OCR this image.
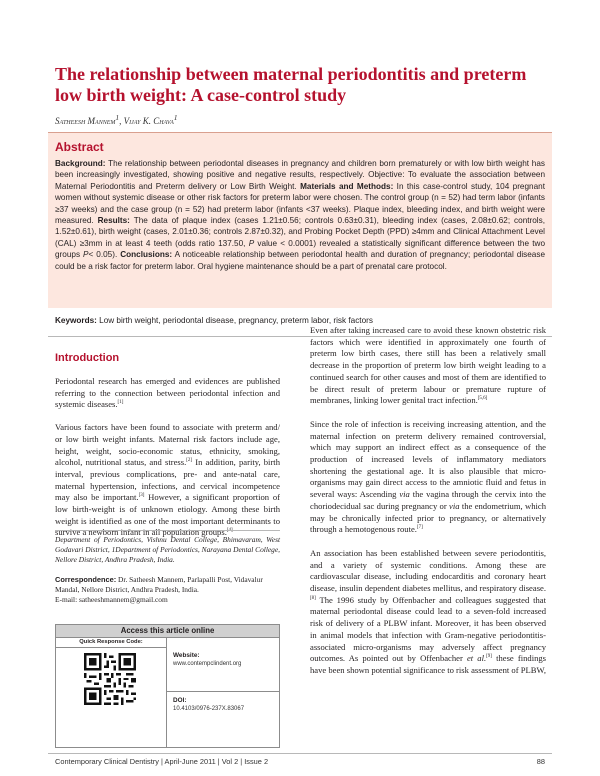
The relationship between maternal periodontitis and preterm low birth weight: A case-control study
Satheesh Mannem$^1$, Vijay K. Chava$^1$
Abstract

Background: The relationship between periodontal diseases in pregnancy and children born prematurely or with low birth weight has been increasingly investigated, showing positive and negative results, respectively. Objective: To evaluate the association between Maternal Periodontitis and Preterm delivery or Low Birth Weight. Materials and Methods: In this case-control study, 104 pregnant women without systemic disease or other risk factors for preterm labor were chosen. The control group (n = 52) had term labor (infants ≥37 weeks) and the case group (n = 52) had preterm labor (infants <37 weeks). Plaque index, bleeding index, and birth weight were measured. Results: The data of plaque index (cases 1.21±0.56; controls 0.63±0.31), bleeding index (cases, 2.08±0.62; controls, 1.52±0.61), birth weight (cases, 2.01±0.36; controls 2.87±0.32), and Probing Pocket Depth (PPD) ≥4mm and Clinical Attachment Level (CAL) ≥3mm in at least 4 teeth (odds ratio 137.50, P value < 0.0001) revealed a statistically significant difference between the two groups P< 0.05). Conclusions: A noticeable relationship between periodontal health and duration of pregnancy; periodontal disease could be a risk factor for preterm labor. Oral hygiene maintenance should be a part of prenatal care protocol.

Keywords: Low birth weight, periodontal disease, pregnancy, preterm labor, risk factors
Introduction

Periodontal research has emerged and evidences are published referring to the connection between periodontal infection and systemic diseases.[1]

Various factors have been found to associate with preterm and/ or low birth weight infants. Maternal risk factors include age, height, weight, socio-economic status, ethnicity, smoking, alcohol, nutritional status, and stress.[2] In addition, parity, birth interval, previous complications, pre- and ante-natal care, maternal hypertension, infections, and cervical incompetence may also be important.[3] However, a significant proportion of low birth-weight is of unknown etiology. Among these birth weight is identified as one of the most important determinants to survive a newborn infant in all population groups.[4]

Department of Periodontics, Vishnu Dental College, Bhimavaram, West Godavari District, 1Department of Periodontics, Narayana Dental College, Nellore District, Andhra Pradesh, India.
Correspondence: Dr. Satheesh Mannem, Parlapalli Post, Vidavalur Mandal, Nellore District, Andhra Pradesh, India.
E-mail: satheeshmannem@gmail.com
Access this article online
Quick Response Code:
Website:
www.contempclindent.org
DOI:
10.4103/0976-237X.83067

Even after taking increased care to avoid these known obstetric risk factors which were identified in approximately one fourth of preterm low birth cases, there still has been a relatively small decrease in the proportion of preterm low birth weight leading to a continued search for other causes and most of them are identified to be direct result of preterm labour or premature rupture of membranes, linking lower genital tract infection.[5,6]

Since the role of infection is receiving increasing attention, and the maternal infection on preterm delivery remained controversial, which may support an indirect effect as a consequence of the production of increased levels of inflammatory mediators shortening the gestational age. It is also plausible that micro-organisms may gain direct access to the amniotic fluid and fetus in several ways: Ascending via the vagina through the cervix into the choriodecidual sac during pregnancy or via the endometrium, which may be chronically infected prior to pregnancy, or alternatively through a hemotogenous route.[7]

An association has been established between severe periodontitis, and a variety of systemic conditions. Among these are cardiovascular disease, including endocarditis and coronary heart disease, insulin dependent diabetes mellitus, and respiratory disease.[8] The 1996 study by Offenbacher and colleagues suggested that maternal periodontal disease could lead to a seven-fold increased risk of delivery of a PLBW infant. Moreover, it has been observed in animal models that infection with Gram-negative periodontitis-associated micro-organisms may adversely affect pregnancy outcomes. As pointed out by Offenbacher et al.[9] these findings have been shown potential significance to risk assessment of PLBW,

Contemporary Clinical Dentistry | April-June 2011 | Vol 2 | Issue 2	88
